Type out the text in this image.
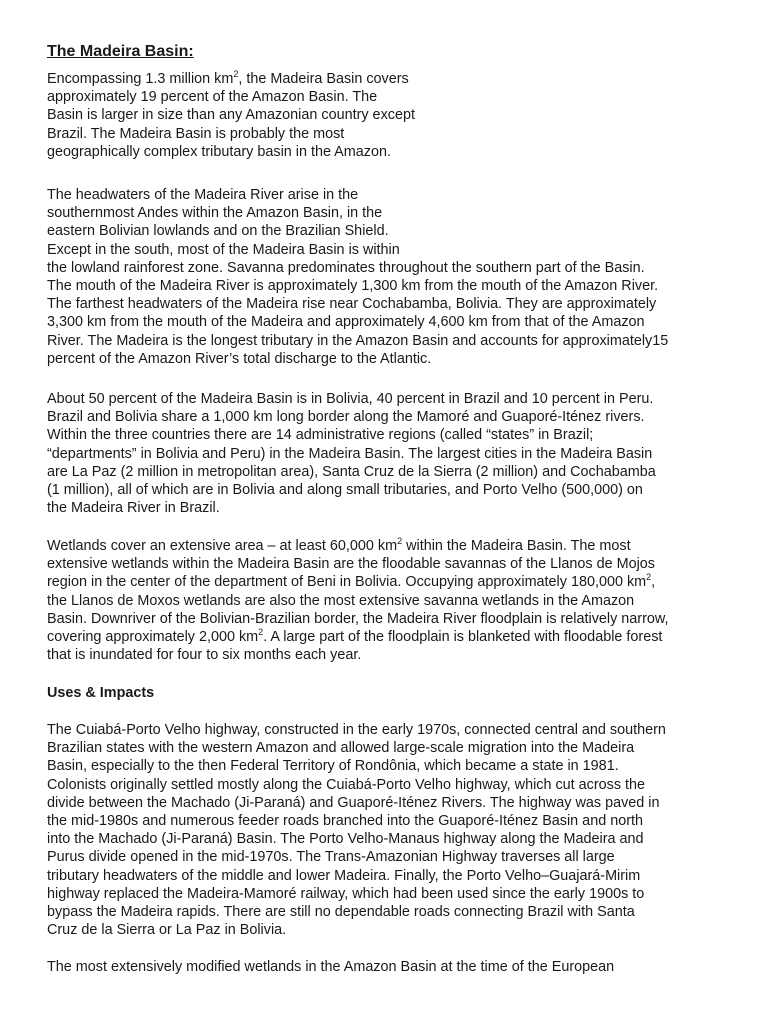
The Madeira Basin:

Encompassing 1.3 million $km^2$, the Madeira Basin covers
approximately 19 percent of the Amazon Basin. The
Basin is larger in size than any Amazonian country except
Brazil. The Madeira Basin is probably the most
geographically complex tributary basin in the Amazon.

The headwaters of the Madeira River arise in the
southernmost Andes within the Amazon Basin, in the
eastern Bolivian lowlands and on the Brazilian Shield.
Except in the south, most of the Madeira Basin is within
the lowland rainforest zone. Savanna predominates throughout the southern part of the Basin.
The mouth of the Madeira River is approximately 1,300 km from the mouth of the Amazon River.
The farthest headwaters of the Madeira rise near Cochabamba, Bolivia. They are approximately
3,300 km from the mouth of the Madeira and approximately 4,600 km from that of the Amazon
River. The Madeira is the longest tributary in the Amazon Basin and accounts for approximately15
percent of the Amazon River’s total discharge to the Atlantic.

About 50 percent of the Madeira Basin is in Bolivia, 40 percent in Brazil and 10 percent in Peru.
Brazil and Bolivia share a 1,000 km long border along the Mamoré and Guaporé-Iténez rivers.
Within the three countries there are 14 administrative regions (called “states” in Brazil;
“departments” in Bolivia and Peru) in the Madeira Basin. The largest cities in the Madeira Basin
are La Paz (2 million in metropolitan area), Santa Cruz de la Sierra (2 million) and Cochabamba
(1 million), all of which are in Bolivia and along small tributaries, and Porto Velho (500,000) on
the Madeira River in Brazil.

Wetlands cover an extensive area – at least 60,000 $km^2$ within the Madeira Basin. The most
extensive wetlands within the Madeira Basin are the floodable savannas of the Llanos de Mojos
region in the center of the department of Beni in Bolivia. Occupying approximately 180,000 $km^2$,
the Llanos de Moxos wetlands are also the most extensive savanna wetlands in the Amazon
Basin. Downriver of the Bolivian-Brazilian border, the Madeira River floodplain is relatively narrow,
covering approximately 2,000 $km^2$. A large part of the floodplain is blanketed with floodable forest
that is inundated for four to six months each year.

Uses & Impacts

The Cuiabá-Porto Velho highway, constructed in the early 1970s, connected central and southern
Brazilian states with the western Amazon and allowed large-scale migration into the Madeira
Basin, especially to the then Federal Territory of Rondônia, which became a state in 1981.
Colonists originally settled mostly along the Cuiabá-Porto Velho highway, which cut across the
divide between the Machado (Ji-Paraná) and Guaporé-Iténez Rivers. The highway was paved in
the mid-1980s and numerous feeder roads branched into the Guaporé-Iténez Basin and north
into the Machado (Ji-Paraná) Basin. The Porto Velho-Manaus highway along the Madeira and
Purus divide opened in the mid-1970s. The Trans-Amazonian Highway traverses all large
tributary headwaters of the middle and lower Madeira. Finally, the Porto Velho–Guajará-Mirim
highway replaced the Madeira-Mamoré railway, which had been used since the early 1900s to
bypass the Madeira rapids. There are still no dependable roads connecting Brazil with Santa
Cruz de la Sierra or La Paz in Bolivia.

The most extensively modified wetlands in the Amazon Basin at the time of the European
